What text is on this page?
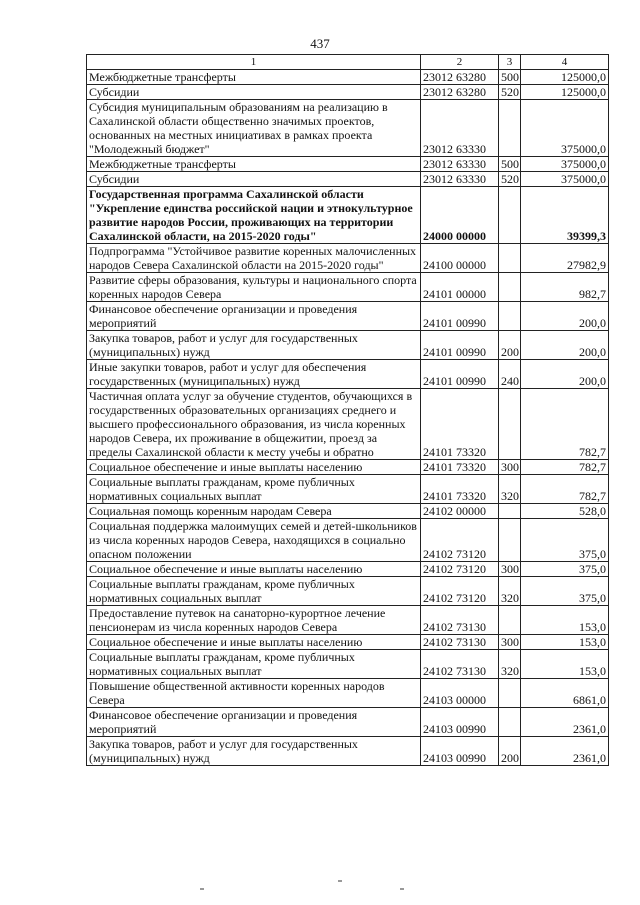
437
1	2	3	4
Межбюджетные трансферты	23012 63280	500	125000,0
Субсидии	23012 63280	520	125000,0
Субсидия муниципальным образованиям на реализацию в Сахалинской области общественно значимых проектов, основанных на местных инициативах в рамках проекта "Молодежный бюджет"	23012 63330		375000,0
Межбюджетные трансферты	23012 63330	500	375000,0
Субсидии	23012 63330	520	375000,0
Государственная программа Сахалинской области "Укрепление единства российской нации и этнокультурное развитие народов России, проживающих на территории Сахалинской области, на 2015-2020 годы"	24000 00000		39399,3
Подпрограмма "Устойчивое развитие коренных малочисленных народов Севера Сахалинской области на 2015-2020 годы"	24100 00000		27982,9
Развитие сферы образования, культуры и национального спорта коренных народов Севера	24101 00000		982,7
Финансовое обеспечение организации и проведения мероприятий	24101 00990		200,0
Закупка товаров, работ и услуг для государственных (муниципальных) нужд	24101 00990	200	200,0
Иные закупки товаров, работ и услуг для обеспечения государственных (муниципальных) нужд	24101 00990	240	200,0
Частичная оплата услуг за обучение студентов, обучающихся в государственных образовательных организациях среднего и высшего профессионального образования, из числа коренных народов Севера, их проживание в общежитии, проезд за пределы Сахалинской области к месту учебы и обратно	24101 73320		782,7
Социальное обеспечение и иные выплаты населению	24101 73320	300	782,7
Социальные выплаты гражданам, кроме публичных нормативных социальных выплат	24101 73320	320	782,7
Социальная помощь коренным народам Севера	24102 00000		528,0
Социальная поддержка малоимущих семей и детей-школьников из числа коренных народов Севера, находящихся в социально опасном положении	24102 73120		375,0
Социальное обеспечение и иные выплаты населению	24102 73120	300	375,0
Социальные выплаты гражданам, кроме публичных нормативных социальных выплат	24102 73120	320	375,0
Предоставление путевок на санаторно-курортное лечение пенсионерам из числа коренных народов Севера	24102 73130		153,0
Социальное обеспечение и иные выплаты населению	24102 73130	300	153,0
Социальные выплаты гражданам, кроме публичных нормативных социальных выплат	24102 73130	320	153,0
Повышение общественной активности коренных народов Севера	24103 00000		6861,0
Финансовое обеспечение организации и проведения мероприятий	24103 00990		2361,0
Закупка товаров, работ и услуг для государственных (муниципальных) нужд	24103 00990	200	2361,0
